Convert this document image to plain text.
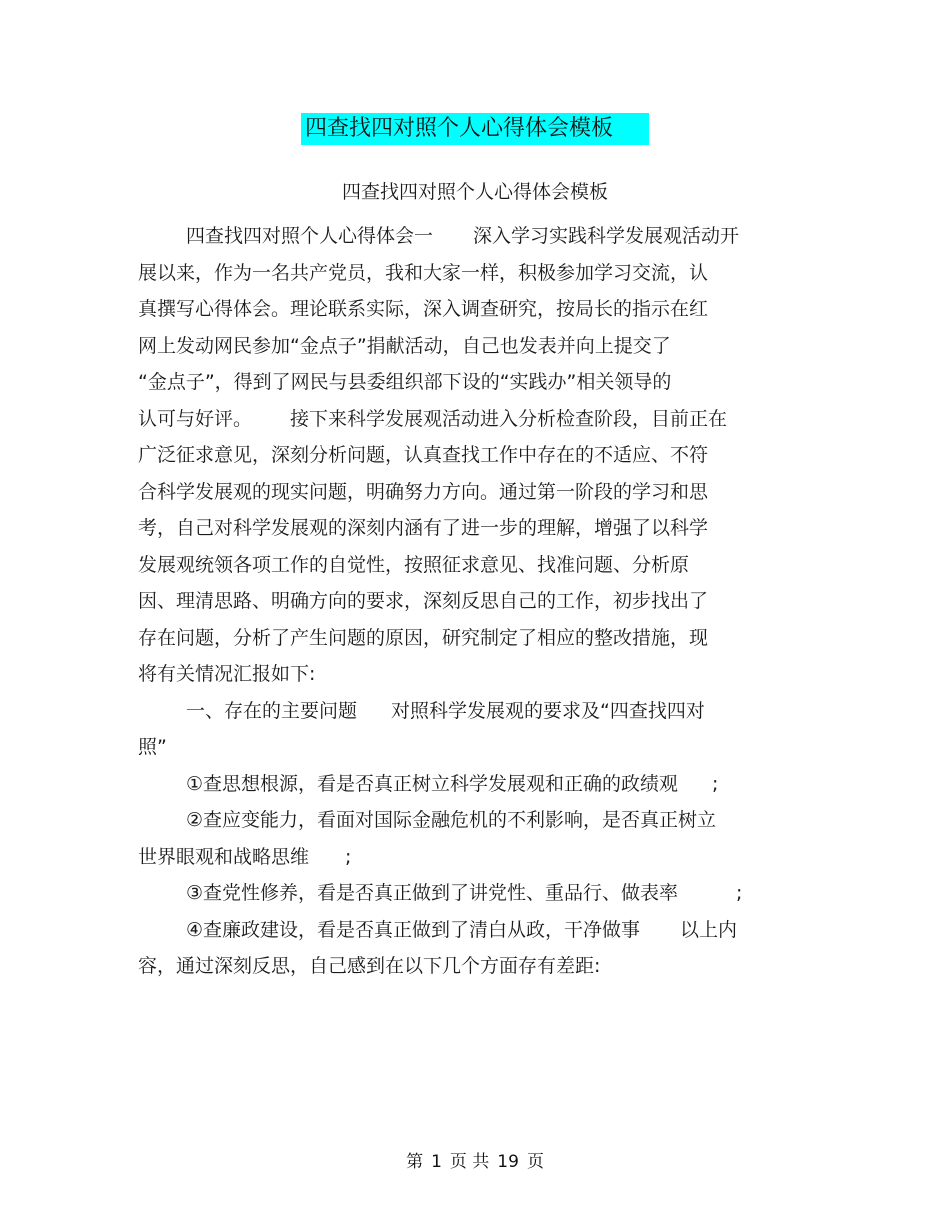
四查找四对照个人心得体会模板
四查找四对照个人心得体会模板
四查找四对照个人心得体会一 深入学习实践科学发展观活动开
展以来，作为一名共产党员，我和大家一样，积极参加学习交流，认
真撰写心得体会。理论联系实际，深入调查研究，按局长的指示在红
网上发动网民参加“金点子”捐献活动，自己也发表并向上提交了
“金点子”，得到了网民与县委组织部下设的“实践办”相关领导的
认可与好评。 接下来科学发展观活动进入分析检查阶段，目前正在
广泛征求意见，深刻分析问题，认真查找工作中存在的不适应、不符
合科学发展观的现实问题，明确努力方向。通过第一阶段的学习和思
考，自己对科学发展观的深刻内涵有了进一步的理解，增强了以科学
发展观统领各项工作的自觉性，按照征求意见、找准问题、分析原
因、理清思路、明确方向的要求，深刻反思自己的工作，初步找出了
存在问题，分析了产生问题的原因，研究制定了相应的整改措施，现
将有关情况汇报如下:
一、存在的主要问题 对照科学发展观的要求及“四查找四对
照”
①查思想根源，看是否真正树立科学发展观和正确的政绩观 ;
②查应变能力，看面对国际金融危机的不利影响，是否真正树立
世界眼观和战略思维 ;
③查党性修养，看是否真正做到了讲党性、重品行、做表率	;
④查廉政建设，看是否真正做到了清白从政，干净做事 以上内
容，通过深刻反思，自己感到在以下几个方面存有差距:
第 1 页 共 19 页
